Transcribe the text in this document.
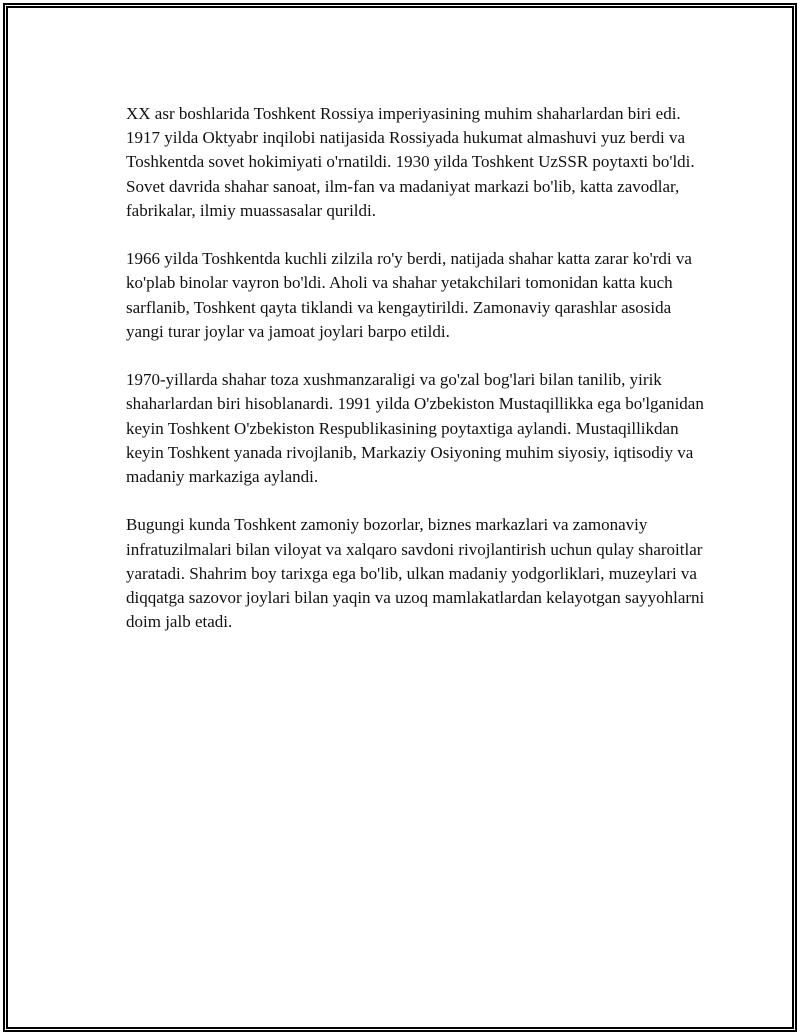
XX asr boshlarida Toshkent Rossiya imperiyasining muhim shaharlardan biri edi. 1917 yilda Oktyabr inqilobi natijasida Rossiyada hukumat almashuvi yuz berdi va Toshkentda sovet hokimiyati o'rnatildi. 1930 yilda Toshkent UzSSR poytaxti bo'ldi. Sovet davrida shahar sanoat, ilm-fan va madaniyat markazi bo'lib, katta zavodlar, fabrikalar, ilmiy muassasalar qurildi.

1966 yilda Toshkentda kuchli zilzila ro'y berdi, natijada shahar katta zarar ko'rdi va ko'plab binolar vayron bo'ldi. Aholi va shahar yetakchilari tomonidan katta kuch sarflanib, Toshkent qayta tiklandi va kengaytirildi. Zamonaviy qarashlar asosida yangi turar joylar va jamoat joylari barpo etildi.

1970-yillarda shahar toza xushmanzaraligi va go'zal bog'lari bilan tanilib, yirik shaharlardan biri hisoblanardi. 1991 yilda O'zbekiston Mustaqillikka ega bo'lganidan keyin Toshkent O'zbekiston Respublikasining poytaxtiga aylandi. Mustaqillikdan keyin Toshkent yanada rivojlanib, Markaziy Osiyoning muhim siyosiy, iqtisodiy va madaniy markaziga aylandi.

Bugungi kunda Toshkent zamoniy bozorlar, biznes markazlari va zamonaviy infratuzilmalari bilan viloyat va xalqaro savdoni rivojlantirish uchun qulay sharoitlar yaratadi. Shahrim boy tarixga ega bo'lib, ulkan madaniy yodgorliklari, muzeylari va diqqatga sazovor joylari bilan yaqin va uzoq mamlakatlardan kelayotgan sayyohlarni doim jalb etadi.
